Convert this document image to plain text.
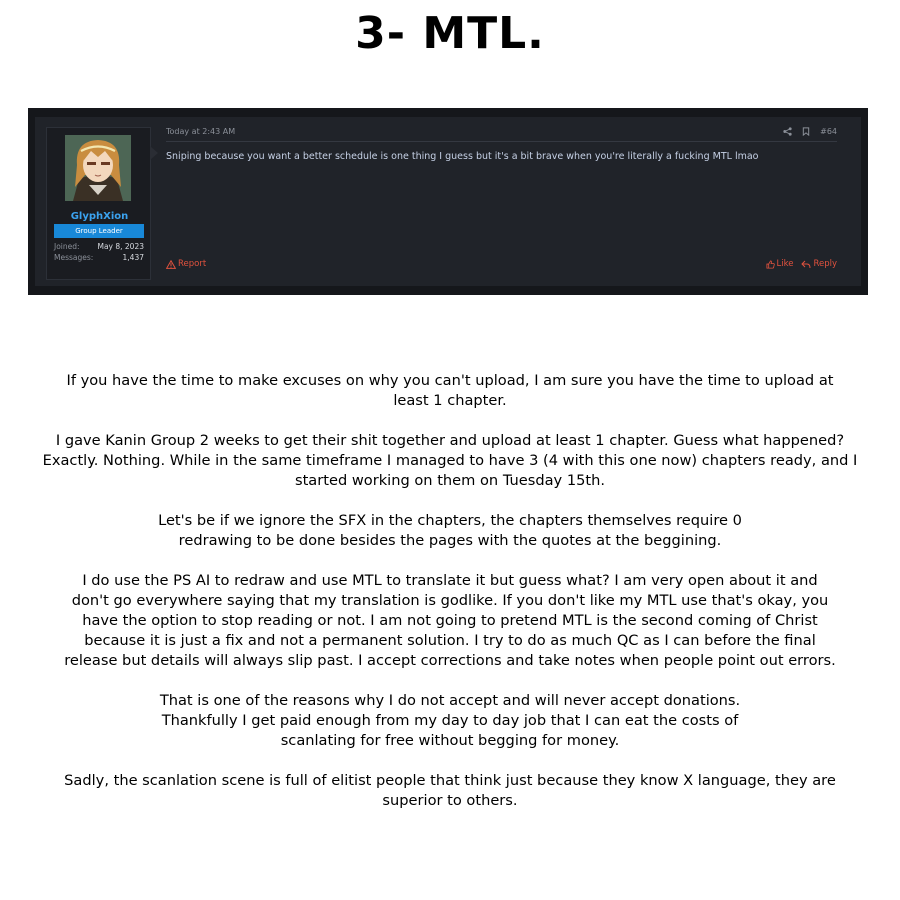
3- MTL.
GlyphXion
Group Leader
Joined: May 8, 2023
Messages:	1,437
Today at 2:43 AM	#64
Sniping because you want a better schedule is one thing I guess but it's a bit brave when you're literally a fucking MTL lmao
Report	Like Reply

If you have the time to make excuses on why you can't upload, I am sure you have the time to upload at
least 1 chapter.

I gave Kanin Group 2 weeks to get their shit together and upload at least 1 chapter. Guess what happened?
Exactly. Nothing. While in the same timeframe I managed to have 3 (4 with this one now) chapters ready, and I
started working on them on Tuesday 15th.

Let's be if we ignore the SFX in the chapters, the chapters themselves require 0
redrawing to be done besides the pages with the quotes at the beggining.

I do use the PS AI to redraw and use MTL to translate it but guess what? I am very open about it and
don't go everywhere saying that my translation is godlike. If you don't like my MTL use that's okay, you
have the option to stop reading or not. I am not going to pretend MTL is the second coming of Christ
because it is just a fix and not a permanent solution. I try to do as much QC as I can before the final
release but details will always slip past. I accept corrections and take notes when people point out errors.

That is one of the reasons why I do not accept and will never accept donations.
Thankfully I get paid enough from my day to day job that I can eat the costs of
scanlating for free without begging for money.

Sadly, the scanlation scene is full of elitist people that think just because they know X language, they are
superior to others.
